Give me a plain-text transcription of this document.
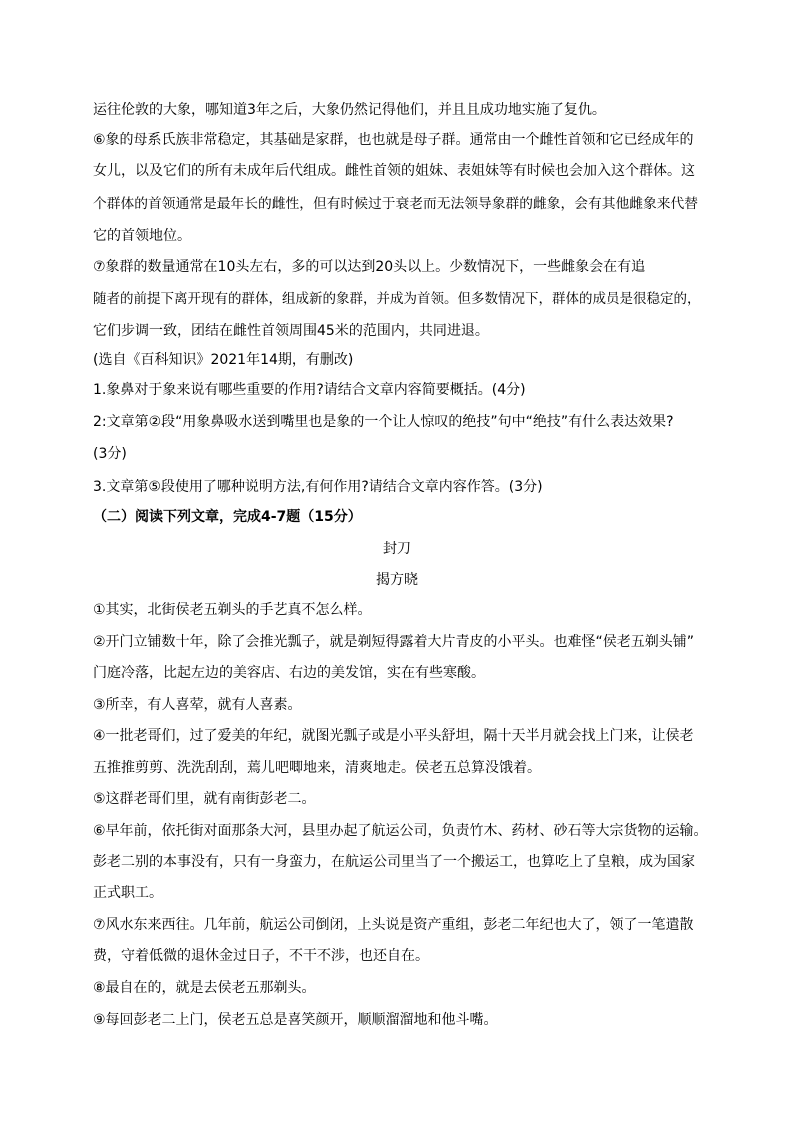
运往伦敦的大象，哪知道3年之后，大象仍然记得他们，并且且成功地实施了复仇。
⑥象的母系氏族非常稳定，其基础是家群，也也就是母子群。通常由一个雌性首领和它已经成年的
女儿，以及它们的所有未成年后代组成。雌性首领的姐妹、表姐妹等有时候也会加入这个群体。这
个群体的首领通常是最年长的雌性，但有时候过于衰老而无法领导象群的雌象，会有其他雌象来代替
它的首领地位。
⑦象群的数量通常在10头左右，多的可以达到20头以上。少数情况下，一些雌象会在有追
随者的前提下离开现有的群体，组成新的象群，并成为首领。但多数情况下，群体的成员是很稳定的，
它们步调一致，团结在雌性首领周围45米的范围内，共同进退。
(选自《百科知识》2021年14期，有删改)
1.象鼻对于象来说有哪些重要的作用?请结合文章内容简要概括。(4分)
2:文章第②段“用象鼻吸水送到嘴里也是象的一个让人惊叹的绝技”句中“绝技”有什么表达效果?
(3分)
3.文章第⑤段使用了哪种说明方法,有何作用?请结合文章内容作答。(3分)
（二）阅读下列文章，完成4-7题（15分）
封刀
揭方晓
①其实，北街侯老五剃头的手艺真不怎么样。
②开门立铺数十年，除了会推光瓢子，就是剃短得露着大片青皮的小平头。也难怪“侯老五剃头铺”
门庭冷落，比起左边的美容店、右边的美发馆，实在有些寒酸。
③所幸，有人喜荤，就有人喜素。
④一批老哥们，过了爱美的年纪，就图光瓢子或是小平头舒坦，隔十天半月就会找上门来，让侯老
五推推剪剪、洗洗刮刮，蔫儿吧唧地来，清爽地走。侯老五总算没饿着。
⑤这群老哥们里，就有南街彭老二。
⑥早年前，依托街对面那条大河，县里办起了航运公司，负责竹木、药材、砂石等大宗货物的运输。
彭老二别的本事没有，只有一身蛮力，在航运公司里当了一个搬运工，也算吃上了皇粮，成为国家
正式职工。
⑦风水东来西往。几年前，航运公司倒闭，上头说是资产重组，彭老二年纪也大了，领了一笔遣散
费，守着低微的退休金过日子，不干不涉，也还自在。
⑧最自在的，就是去侯老五那剃头。
⑨每回彭老二上门，侯老五总是喜笑颜开，顺顺溜溜地和他斗嘴。
